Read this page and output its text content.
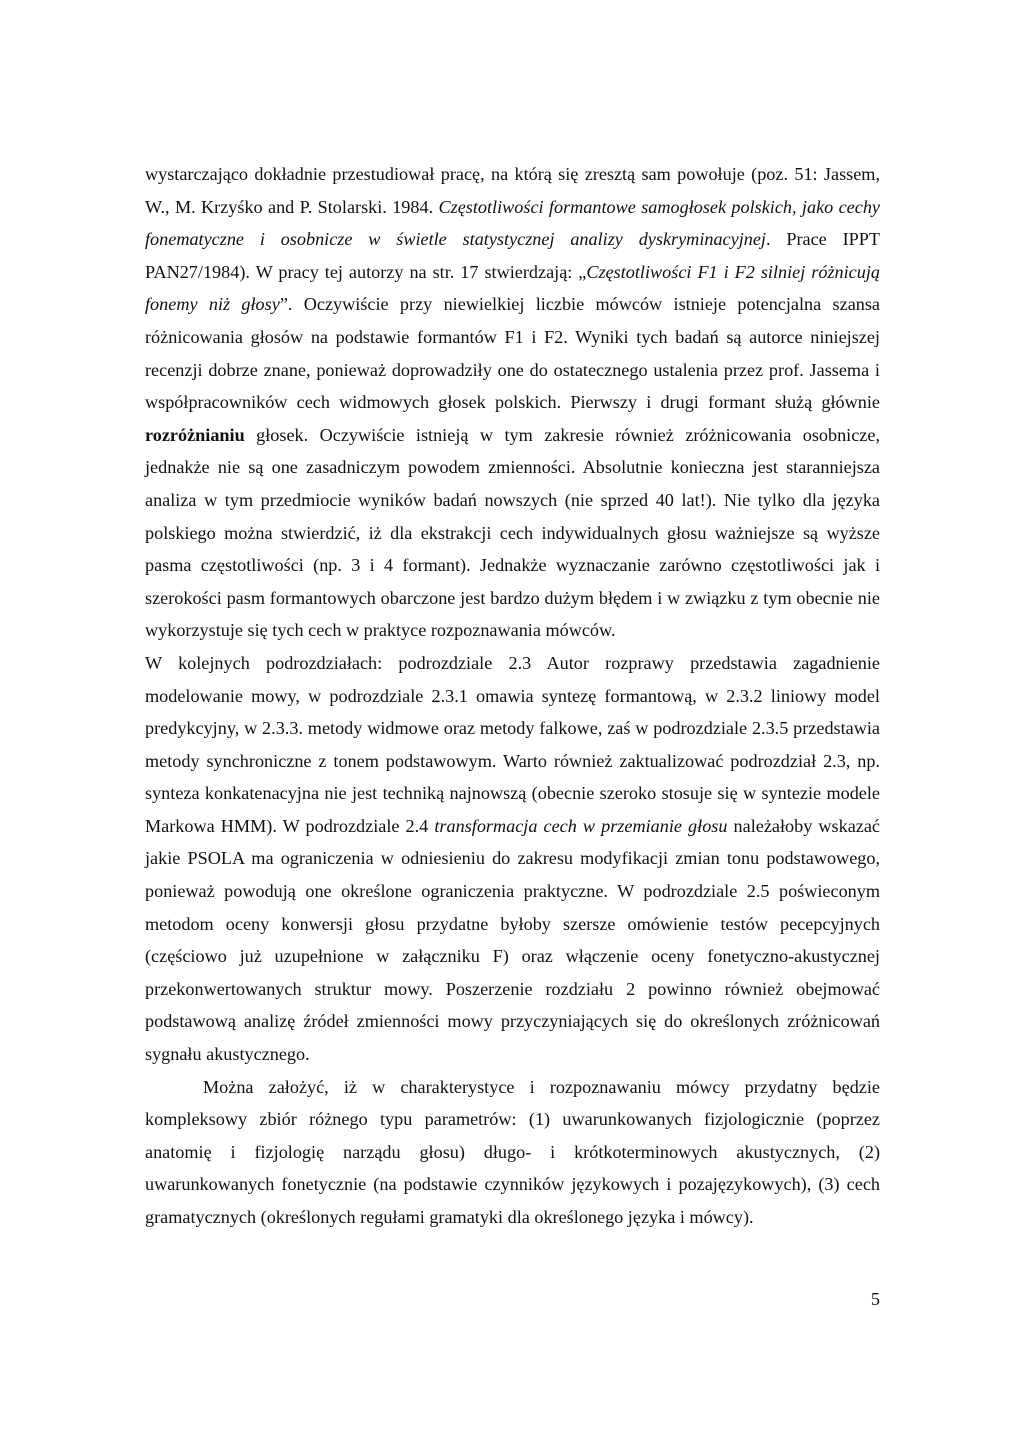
wystarczająco dokładnie przestudiował pracę, na którą się zresztą sam powołuje (poz. 51: Jassem, W., M. Krzyśko and P. Stolarski. 1984. Częstotliwości formantowe samogłosek polskich, jako cechy fonematyczne i osobnicze w świetle statystycznej analizy dyskryminacyjnej. Prace IPPT PAN27/1984). W pracy tej autorzy na str. 17 stwierdzają: „Częstotliwości F1 i F2 silniej różnicują fonemy niż głosy”. Oczywiście przy niewielkiej liczbie mówców istnieje potencjalna szansa różnicowania głosów na podstawie formantów F1 i F2. Wyniki tych badań są autorce niniejszej recenzji dobrze znane, ponieważ doprowadziły one do ostatecznego ustalenia przez prof. Jassema i współpracowników cech widmowych głosek polskich. Pierwszy i drugi formant służą głównie rozróżnianiu głosek. Oczywiście istnieją w tym zakresie również zróżnicowania osobnicze, jednakże nie są one zasadniczym powodem zmienności. Absolutnie konieczna jest staranniejsza analiza w tym przedmiocie wyników badań nowszych (nie sprzed 40 lat!). Nie tylko dla języka polskiego można stwierdzić, iż dla ekstrakcji cech indywidualnych głosu ważniejsze są wyższe pasma częstotliwości (np. 3 i 4 formant). Jednakże wyznaczanie zarówno częstotliwości jak i szerokości pasm formantowych obarczone jest bardzo dużym błędem i w związku z tym obecnie nie wykorzystuje się tych cech w praktyce rozpoznawania mówców.

W kolejnych podrozdziałach: podrozdziale 2.3 Autor rozprawy przedstawia zagadnienie modelowanie mowy, w podrozdziale 2.3.1 omawia syntezę formantową, w 2.3.2 liniowy model predykcyjny, w 2.3.3. metody widmowe oraz metody falkowe, zaś w podrozdziale 2.3.5 przedstawia metody synchroniczne z tonem podstawowym. Warto również zaktualizować podrozdział 2.3, np. synteza konkatenacyjna nie jest techniką najnowszą (obecnie szeroko stosuje się w syntezie modele Markowa HMM). W podrozdziale 2.4 transformacja cech w przemianie głosu należałoby wskazać jakie PSOLA ma ograniczenia w odniesieniu do zakresu modyfikacji zmian tonu podstawowego, ponieważ powodują one określone ograniczenia praktyczne. W podrozdziale 2.5 poświeconym metodom oceny konwersji głosu przydatne byłoby szersze omówienie testów pecepcyjnych (częściowo już uzupełnione w załączniku F) oraz włączenie oceny fonetyczno-akustycznej przekonwertowanych struktur mowy. Poszerzenie rozdziału 2 powinno również obejmować podstawową analizę źródeł zmienności mowy przyczyniających się do określonych zróżnicowań sygnału akustycznego.

Można założyć, iż w charakterystyce i rozpoznawaniu mówcy przydatny będzie kompleksowy zbiór różnego typu parametrów: (1) uwarunkowanych fizjologicznie (poprzez anatomię i fizjologię narządu głosu) długo- i krótkoterminowych akustycznych, (2) uwarunkowanych fonetycznie (na podstawie czynników językowych i pozajęzykowych), (3) cech gramatycznych (określonych regułami gramatyki dla określonego języka i mówcy).

5
